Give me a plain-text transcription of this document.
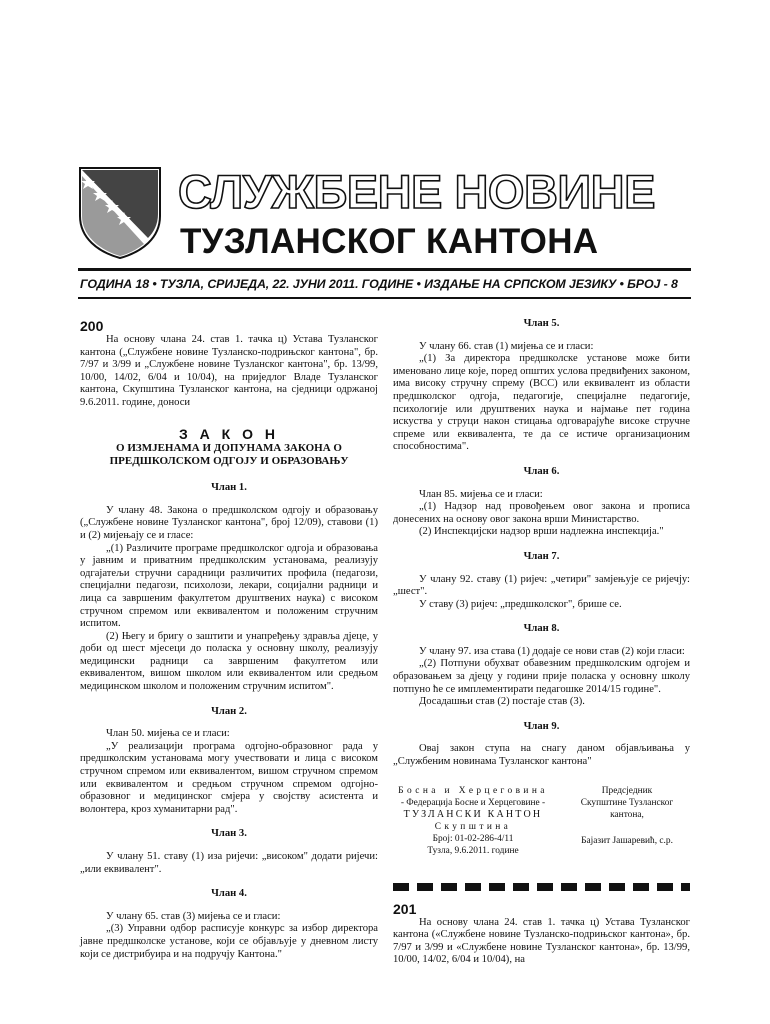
СЛУЖБЕНЕ НОВИНЕ
ТУЗЛАНСКОГ КАНТОНА
ГОДИНА 18 • ТУЗЛА, СРИЈЕДА, 22. ЈУНИ 2011. ГОДИНЕ • ИЗДАЊЕ НА СРПСКОМ ЈЕЗИКУ • БРОЈ - 8
200

На основу члана 24. став 1. тачка ц) Устава Тузланског кантона („Службене новине Тузланско-подрињског кантона", бр. 7/97 и 3/99 и „Службене новине Тузланског кантона", бр. 13/99, 10/00, 14/02, 6/04 и 10/04), на приједлог Владе Тузланског кантона, Скупштина Тузланског кантона, на сједници одржаној 9.6.2011. године, доноси

З А К О Н
О ИЗМЈЕНАМА И ДОПУНАМА ЗАКОНА О ПРЕДШКОЛСКОМ ОДГОЈУ И ОБРАЗОВАЊУ
Члан 1.

У члану 48. Закона о предшколском одгоју и образовању („Службене новине Тузланског кантона", број 12/09), ставови (1) и (2) мијењају се и гласе:

„(1) Различите програме предшколског одгоја и образовања у јавним и приватним предшколским установама, реализују одгајатељи стручни сарадници различитих профила (педагози, специјални педагози, психолози, лекари, социјални радници и лица са завршеним факултетом друштвених наука) с високом стручном спремом или еквивалентом и положеним стручним испитом.

(2) Његу и бригу о заштити и унапређењу здравља дјеце, у доби од шест мјесеци до поласка у основну школу, реализују медицински радници са завршеним факултетом или еквивалентом, вишом школом или еквивалентом или средњом медицинском школом и положеним стручним испитом".

Члан 2.

Члан 50. мијења се и гласи:

„У реализацији програма одгојно-образовног рада у предшколским установама могу учествовати и лица с високом стручном спремом или еквивалентом, вишом стручном спремом или еквивалентом и средњом стручном спремом одгојно-образовног и медицинског смјера у својству асистента и волонтера, кроз хуманитарни рад".

Члан 3.

У члану 51. ставу (1) иза ријечи: „високом" додати ријечи: „или еквивалент".

Члан 4.

У члану 65. став (3) мијења се и гласи:

„(3) Управни одбор расписује конкурс за избор директора јавне предшколске установе, који се објављује у дневном листу који се дистрибуира и на подручју Кантона."

Члан 5.

У члану 66. став (1) мијења се и гласи:

„(1) За директора предшколске установе може бити именовано лице које, поред општих услова предвиђених законом, има високу стручну спрему (ВСС) или еквивалент из области предшколског одгоја, педагогије, специјалне педагогије, психологије или друштвених наука и најмање пет година искуства у струци након стицања одговарајуће високе стручне спреме или еквивалента, те да се истиче организационим способностима".

Члан 6.

Члан 85. мијења се и гласи:

„(1) Надзор над провођењем овог закона и прописа донесених на основу овог закона врши Министарство.

(2) Инспекцијски надзор врши надлежна инспекција."

Члан 7.

У члану 92. ставу (1) ријеч: „четири" замјењује се ријечју: „шест".

У ставу (3) ријеч: „предшколског", брише се.

Члан 8.

У члану 97. иза става (1) додаје се нови став (2) који гласи:

„(2) Потпуни обухват обавезним предшколским одгојем и образовањем за дјецу у години прије поласка у основну школу потпуно ће се имплементирати педагошке 2014/15 године".

Досадашњи став (2) постаје став (3).

Члан 9.

Овај закон ступа на снагу даном објављивања у „Службеним новинама Тузланског кантона"

Босна и Херцеговина
- Федерација Босне и Херцеговине -
ТУЗЛАНСКИ КАНТОН
Скупштина
Број: 01-02-286-4/11
Тузла, 9.6.2011. године
Предсједник
Скупштине Тузланског кантона,
Бајазит Јашаревић, с.р.
201

На основу члана 24. став 1. тачка ц) Устава Тузланског кантона («Службене новине Тузланско-подрињског кантона», бр. 7/97 и 3/99 и «Службене новине Тузланског кантона», бр. 13/99, 10/00, 14/02, 6/04 и 10/04), на
